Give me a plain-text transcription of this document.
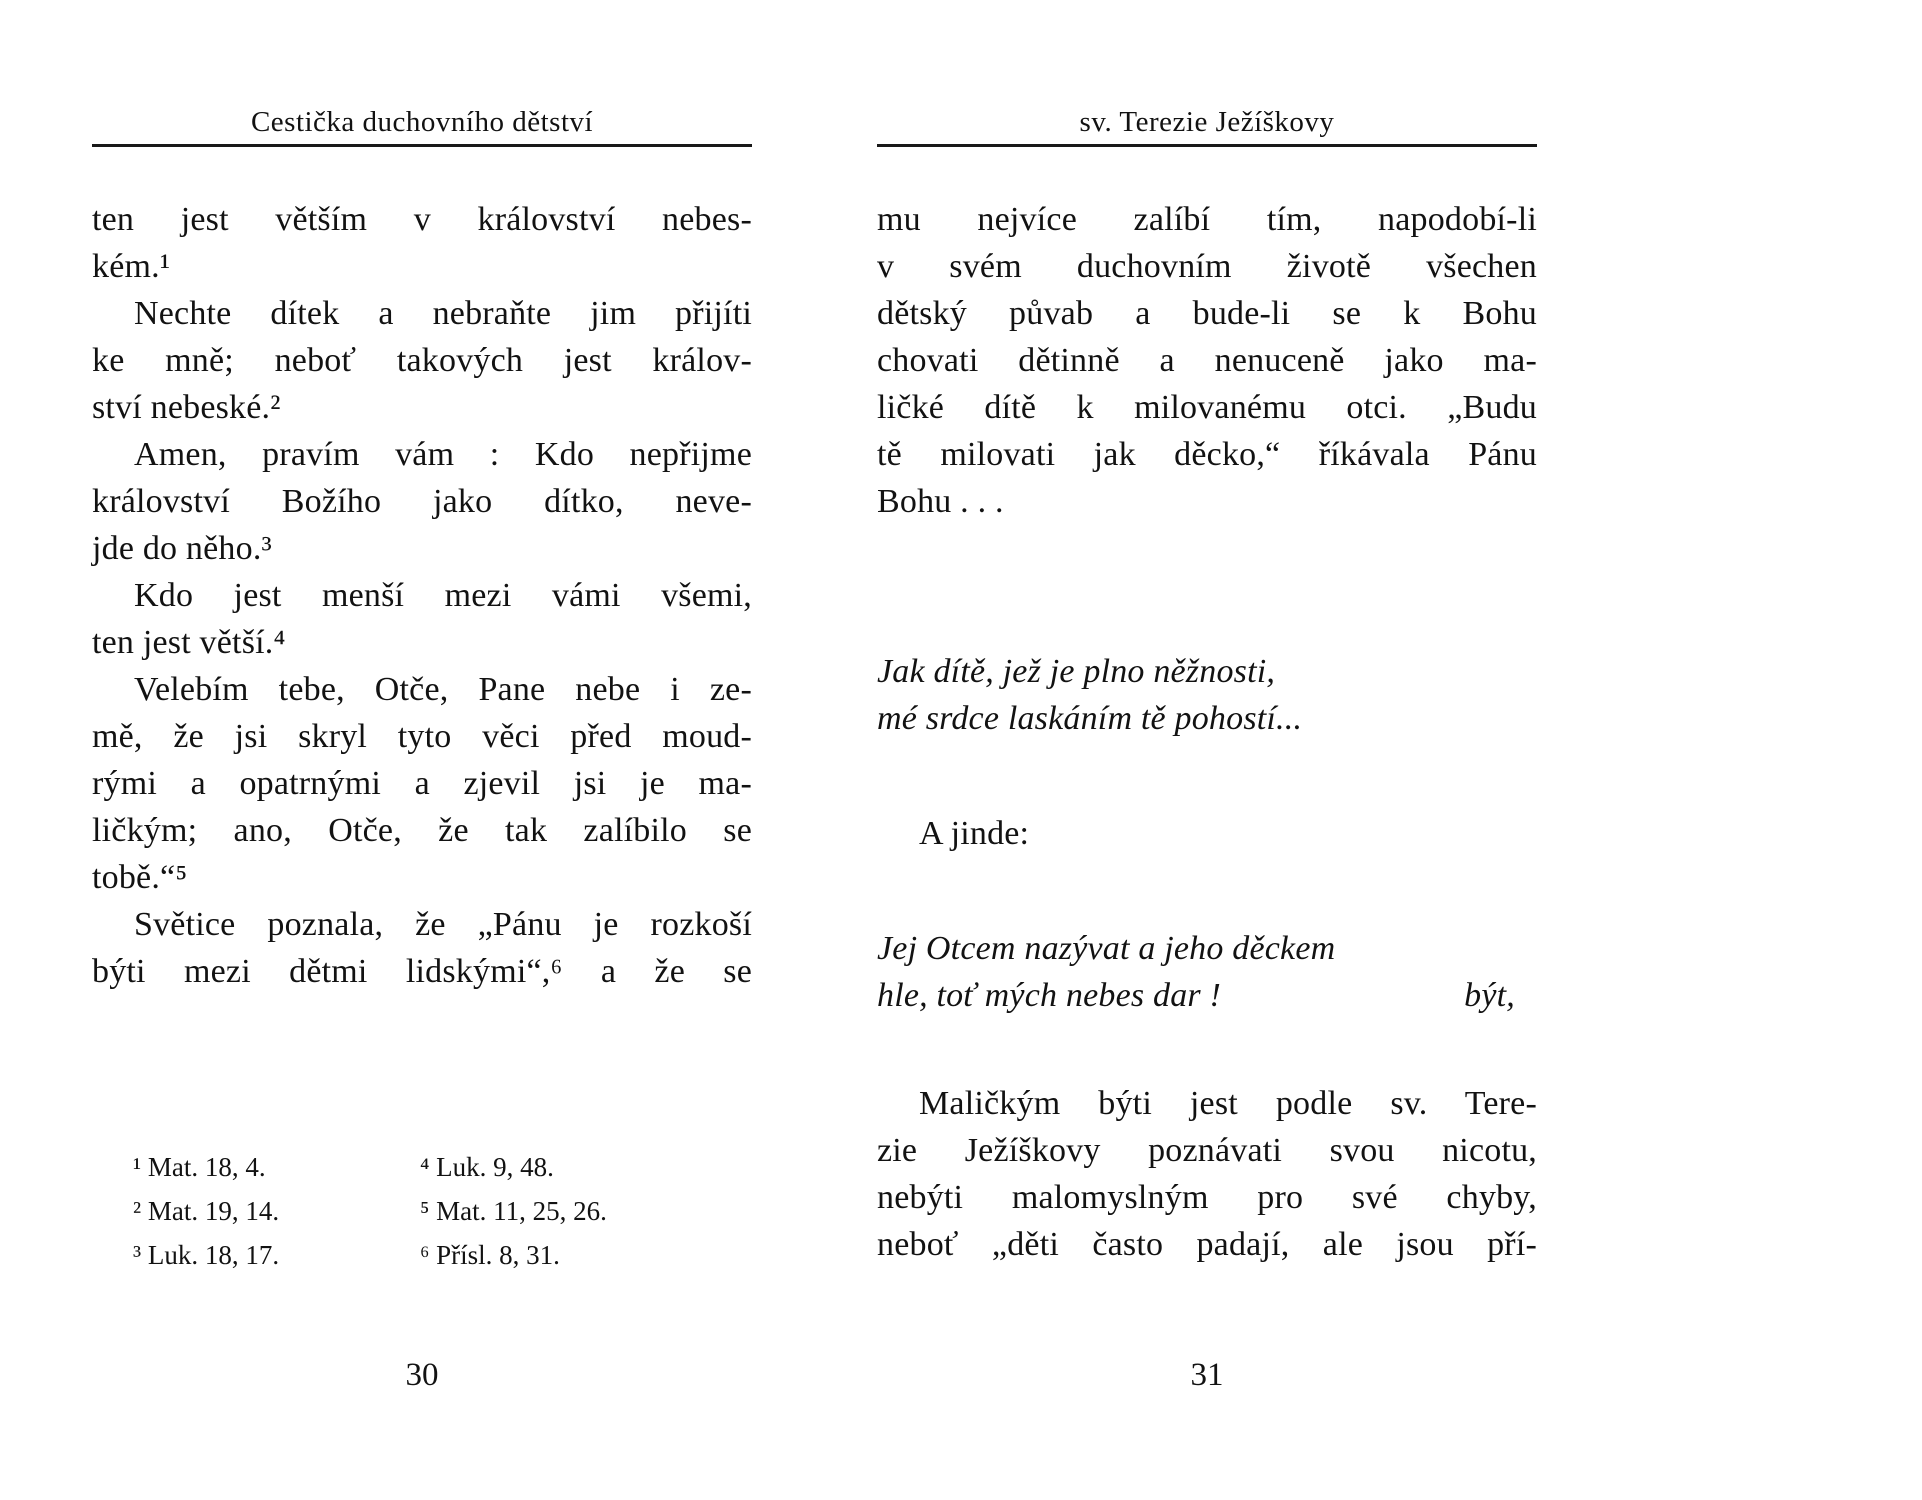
Cestička duchovního dětství
ten jest větším v království nebes-
kém.¹
Nechte dítek a nebraňte jim přijíti
ke mně; neboť takových jest králov-
ství nebeské.²
Amen, pravím vám : Kdo nepřijme
království Božího jako dítko, neve-
jde do něho.³
Kdo jest menší mezi vámi všemi,
ten jest větší.⁴
Velebím tebe, Otče, Pane nebe i ze-
mě, že jsi skryl tyto věci před moud-
rými a opatrnými a zjevil jsi je ma-
ličkým; ano, Otče, že tak zalíbilo se
tobě.“⁵
Světice poznala, že „Pánu je rozkoší
býti mezi dětmi lidskými“,⁶ a že se
¹ Mat. 18, 4.
² Mat. 19, 14.
³ Luk. 18, 17.
⁴ Luk. 9, 48.
⁵ Mat. 11, 25, 26.
⁶ Přísl. 8, 31.
30
sv. Terezie Ježíškovy
mu nejvíce zalíbí tím, napodobí-li
v svém duchovním životě všechen
dětský půvab a bude-li se k Bohu
chovati dětinně a nenuceně jako ma-
ličké dítě k milovanému otci. „Budu
tě milovati jak děcko,“ říkávala Pánu
Bohu . . .
Jak dítě, jež je plno něžnosti,
mé srdce laskáním tě pohostí...
A jinde:
Jej Otcem nazývat a jeho děckem
hle, toť mých nebes dar !	být,
Maličkým býti jest podle sv. Tere-
zie Ježíškovy poznávati svou nicotu,
nebýti malomyslným pro své chyby,
neboť „děti často padají, ale jsou pří-
31
